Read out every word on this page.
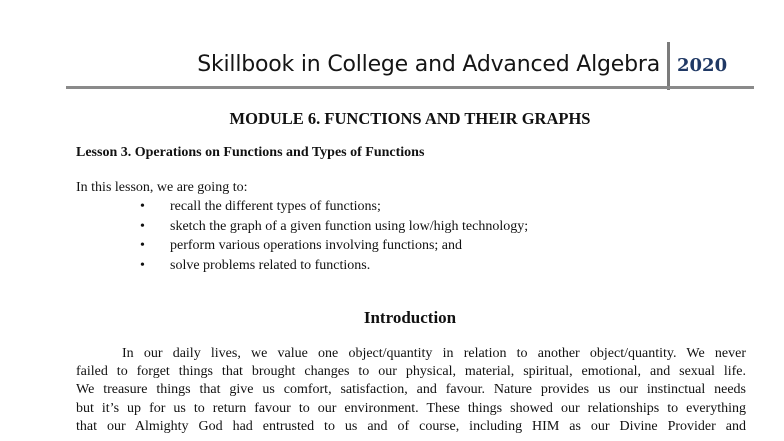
Skillbook in College and Advanced Algebra 2020
MODULE 6. FUNCTIONS AND THEIR GRAPHS
Lesson 3. Operations on Functions and Types of Functions
In this lesson, we are going to:
• recall the different types of functions;
• sketch the graph of a given function using low/high technology;
• perform various operations involving functions; and
• solve problems related to functions.
Introduction
In our daily lives, we value one object/quantity in relation to another object/quantity. We never
failed to forget things that brought changes to our physical, material, spiritual, emotional, and sexual life.
We treasure things that give us comfort, satisfaction, and favour. Nature provides us our instinctual needs
but it’s up for us to return favour to our environment. These things showed our relationships to everything
that our Almighty God had entrusted to us and of course, including HIM as our Divine Provider and
